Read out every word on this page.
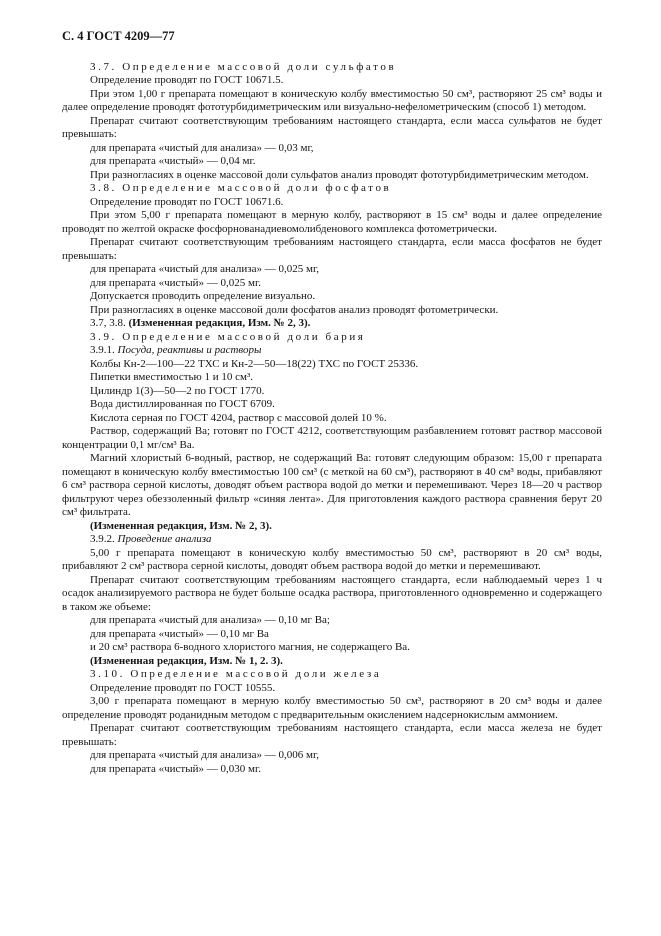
С. 4 ГОСТ 4209—77

3.7. Определение массовой доли сульфатов

Определение проводят по ГОСТ 10671.5.

При этом 1,00 г препарата помещают в коническую колбу вместимостью 50 см³, растворяют 25 см³ воды и далее определение проводят фототурбидиметрическим или визуально-нефелометрическим (способ 1) методом.

Препарат считают соответствующим требованиям настоящего стандарта, если масса сульфатов не будет превышать:

для препарата «чистый для анализа» — 0,03 мг,

для препарата «чистый» — 0,04 мг.

При разногласиях в оценке массовой доли сульфатов анализ проводят фототурбидиметрическим методом.

3.8. Определение массовой доли фосфатов

Определение проводят по ГОСТ 10671.6.

При этом 5,00 г препарата помещают в мерную колбу, растворяют в 15 см³ воды и далее определение проводят по желтой окраске фосфорнованадиевомолибденового комплекса фотометрически.

Препарат считают соответствующим требованиям настоящего стандарта, если масса фосфатов не будет превышать:

для препарата «чистый для анализа» — 0,025 мг,

для препарата «чистый» — 0,025 мг.

Допускается проводить определение визуально.

При разногласиях в оценке массовой доли фосфатов анализ проводят фотометрически.

3.7, 3.8. (Измененная редакция, Изм. № 2, 3).

3.9. Определение массовой доли бария

3.9.1. Посуда, реактивы и растворы

Колбы Кн-2—100—22 ТХС и Кн-2—50—18(22) ТХС по ГОСТ 25336.

Пипетки вместимостью 1 и 10 см³.

Цилиндр 1(3)—50—2 по ГОСТ 1770.

Вода дистиллированная по ГОСТ 6709.

Кислота серная по ГОСТ 4204, раствор с массовой долей 10 %.

Раствор, содержащий Ва; готовят по ГОСТ 4212, соответствующим разбавлением готовят раствор массовой концентрации 0,1 мг/см³ Ва.

Магний хлористый 6-водный, раствор, не содержащий Ва: готовят следующим образом: 15,00 г препарата помещают в коническую колбу вместимостью 100 см³ (с меткой на 60 см³), растворяют в 40 см³ воды, прибавляют 6 см³ раствора серной кислоты, доводят объем раствора водой до метки и перемешивают. Через 18—20 ч раствор фильтруют через обеззоленный фильтр «синяя лента». Для приготовления каждого раствора сравнения берут 20 см³ фильтрата.

(Измененная редакция, Изм. № 2, 3).

3.9.2. Проведение анализа

5,00 г препарата помещают в коническую колбу вместимостью 50 см³, растворяют в 20 см³ воды, прибавляют 2 см³ раствора серной кислоты, доводят объем раствора водой до метки и перемешивают.

Препарат считают соответствующим требованиям настоящего стандарта, если наблюдаемый через 1 ч осадок анализируемого раствора не будет больше осадка раствора, приготовленного одновременно и содержащего в таком же объеме:

для препарата «чистый для анализа» — 0,10 мг Ва;

для препарата «чистый» — 0,10 мг Ва

и 20 см³ раствора 6-водного хлористого магния, не содержащего Ва.

(Измененная редакция, Изм. № 1, 2. 3).

3.10. Определение массовой доли железа

Определение проводят по ГОСТ 10555.

3,00 г препарата помещают в мерную колбу вместимостью 50 см³, растворяют в 20 см³ воды и далее определение проводят роданидным методом с предварительным окислением надсернокислым аммонием.

Препарат считают соответствующим требованиям настоящего стандарта, если масса железа не будет превышать:

для препарата «чистый для анализа» — 0,006 мг,

для препарата «чистый» — 0,030 мг.
